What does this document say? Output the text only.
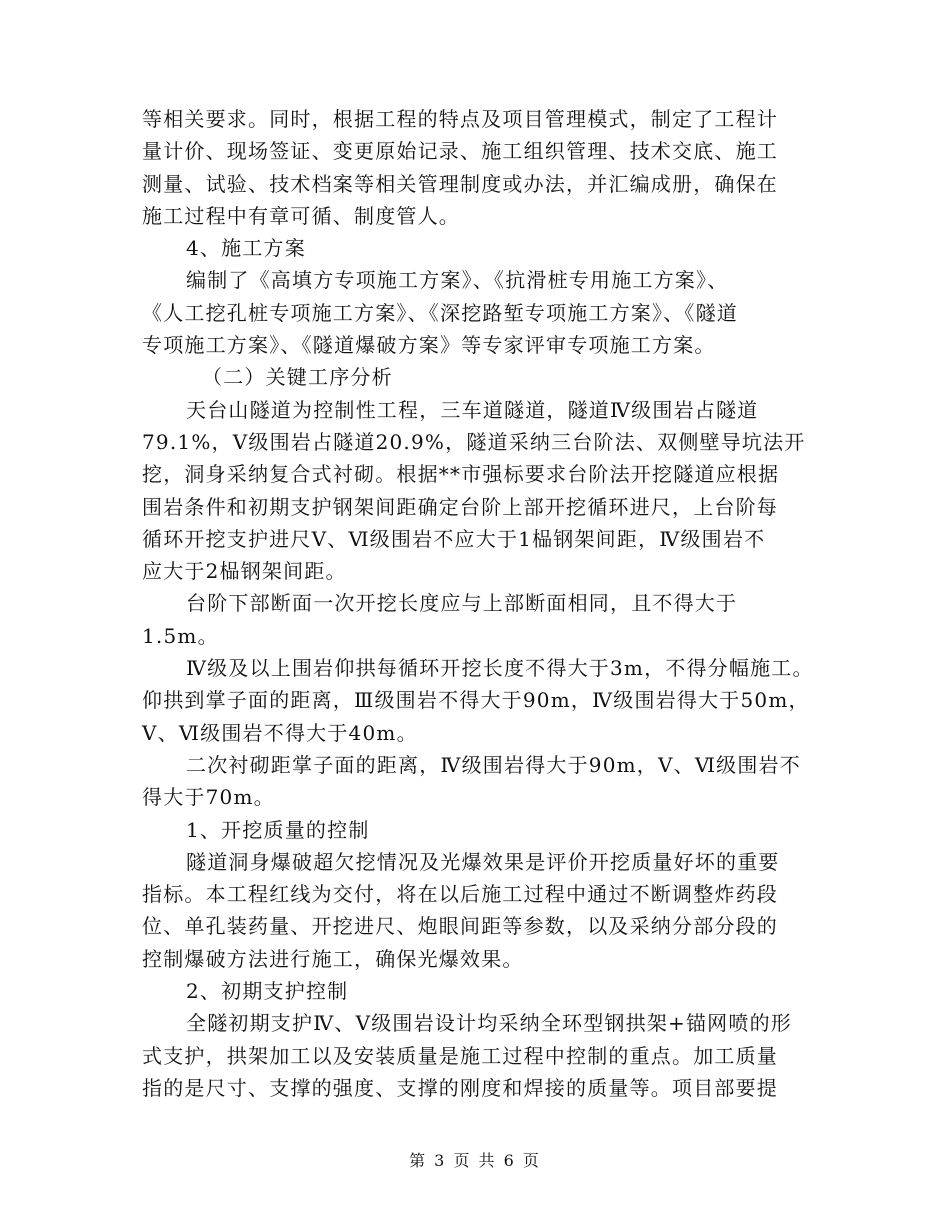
等相关要求。同时，根据工程的特点及项目管理模式，制定了工程计
量计价、现场签证、变更原始记录、施工组织管理、技术交底、施工
测量、试验、技术档案等相关管理制度或办法，并汇编成册，确保在
施工过程中有章可循、制度管人。
4、施工方案
编制了《高填方专项施工方案》、《抗滑桩专用施工方案》、
《人工挖孔桩专项施工方案》、《深挖路堑专项施工方案》、《隧道
专项施工方案》、《隧道爆破方案》等专家评审专项施工方案。
（二）关键工序分析
天台山隧道为控制性工程，三车道隧道，隧道Ⅳ级围岩占隧道
79.1%，Ⅴ级围岩占隧道20.9%，隧道采纳三台阶法、双侧壁导坑法开
挖，洞身采纳复合式衬砌。根据**市强标要求台阶法开挖隧道应根据
围岩条件和初期支护钢架间距确定台阶上部开挖循环进尺，上台阶每
循环开挖支护进尺Ⅴ、Ⅵ级围岩不应大于1榀钢架间距，Ⅳ级围岩不
应大于2榀钢架间距。
台阶下部断面一次开挖长度应与上部断面相同，且不得大于
1.5m。
Ⅳ级及以上围岩仰拱每循环开挖长度不得大于3m，不得分幅施工。
仰拱到掌子面的距离，Ⅲ级围岩不得大于90m，Ⅳ级围岩得大于50m，
Ⅴ、Ⅵ级围岩不得大于40m。
二次衬砌距掌子面的距离，Ⅳ级围岩得大于90m，Ⅴ、Ⅵ级围岩不
得大于70m。
1、开挖质量的控制
隧道洞身爆破超欠挖情况及光爆效果是评价开挖质量好坏的重要
指标。本工程红线为交付，将在以后施工过程中通过不断调整炸药段
位、单孔装药量、开挖进尺、炮眼间距等参数，以及采纳分部分段的
控制爆破方法进行施工，确保光爆效果。
2、初期支护控制
全隧初期支护Ⅳ、Ⅴ级围岩设计均采纳全环型钢拱架+锚网喷的形
式支护，拱架加工以及安装质量是施工过程中控制的重点。加工质量
指的是尺寸、支撑的强度、支撑的刚度和焊接的质量等。项目部要提
第 3 页 共 6 页
